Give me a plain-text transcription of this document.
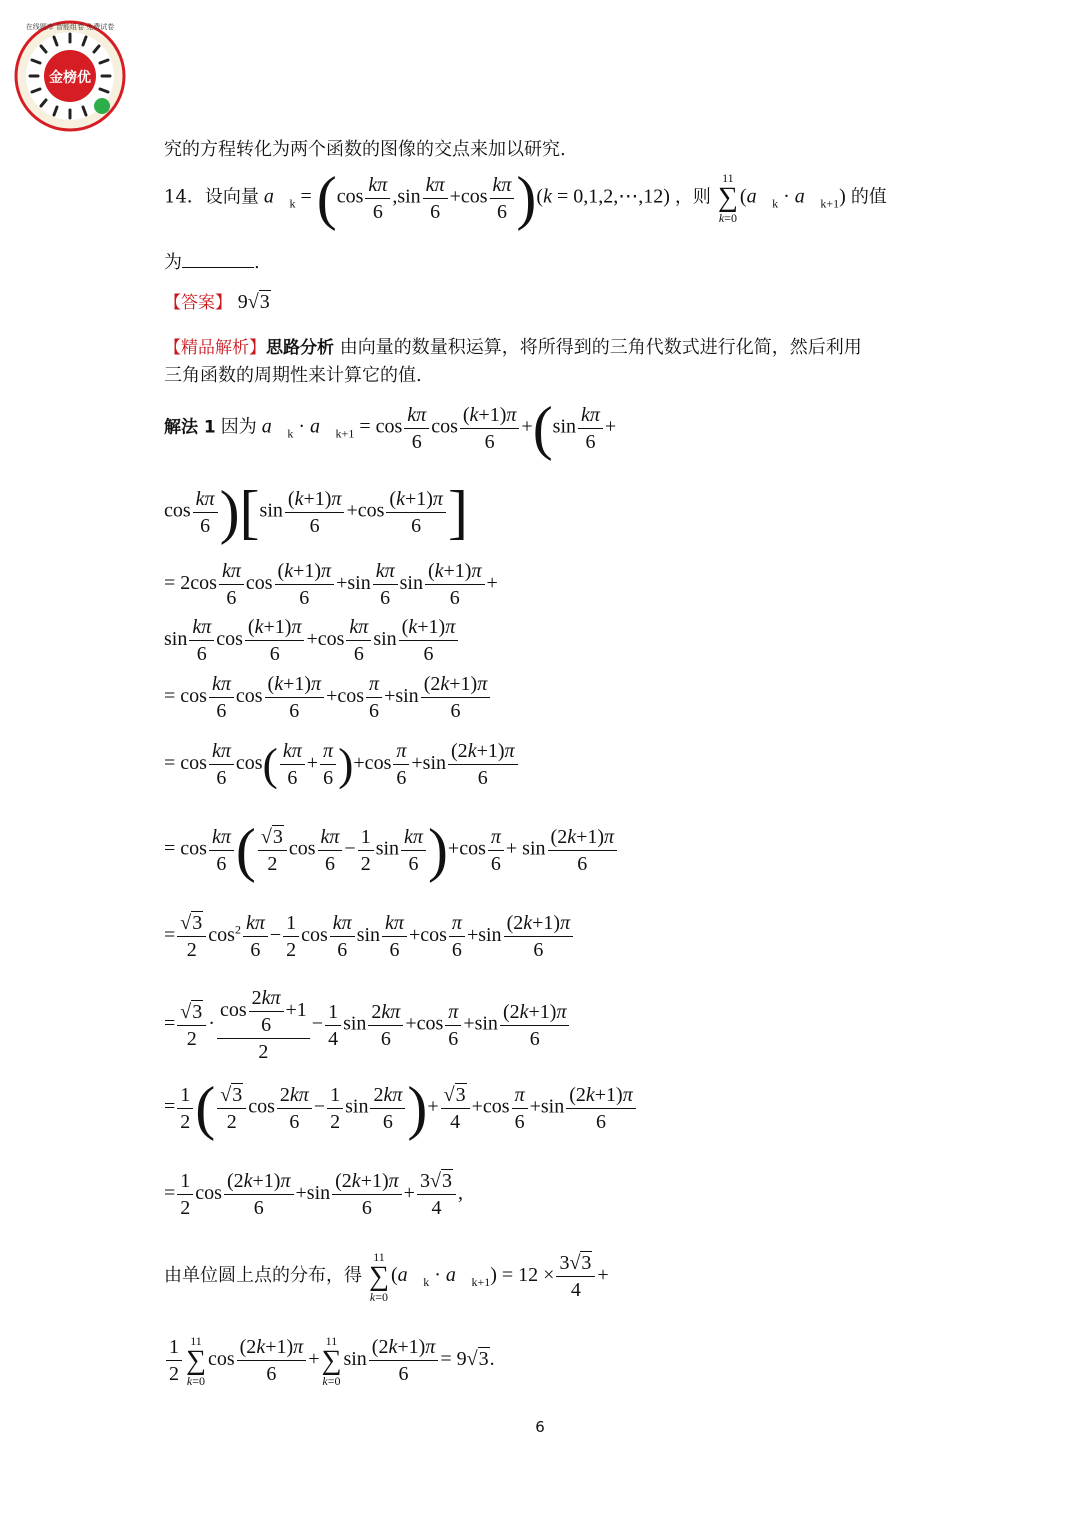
金榜优
在线题库 智能组卷 免费试卷
究的方程转化为两个函数的图像的交点来加以研究.
14．设向量 $a⃗_k = (\cos \frac{k\pi}{6} ,\sin \frac{k\pi}{6} +\cos \frac{k\pi}{6} )(k$ = 0,1,2,⋯,12) ，则 11
∑
$k=0(a⃗_k$ · $a⃗_{k+1}$) 的值
为	.
【答案】 9√3
【精品解析】思路分析 由向量的数量积运算，将所得到的三角代数式进行化简，然后利用
三角函数的周期性来计算它的值.
解法 1 因为 $a⃗_k$ · $a⃗_{k+1} = \cos \frac{k\pi}{6}$ $\cos \frac{(k+1)\pi}{6} +(\sin \frac{k\pi}{6}$ +
$\cos \frac{k\pi}{6} )[\sin \frac{(k+1)\pi}{6} +\cos \frac{(k+1)\pi}{6}$ ]
= $2\cos \frac{k\pi}{6}$ $\cos \frac{(k+1)\pi}{6} +\sin \frac{k\pi}{6}$ $\sin \frac{(k+1)\pi}{6}$ +
$\sin \frac{k\pi}{6}$ $\cos \frac{(k+1)\pi}{6} +\cos \frac{k\pi}{6}$ $\sin \frac{(k+1)\pi}{6}$
= $\cos \frac{k\pi}{6}$ $\cos \frac{(k+1)\pi}{6} +\cos \frac{\pi}{6} +\sin \frac{(2k+1)\pi}{6}$
= $\cos \frac{k\pi}{6} \cos( \frac{k\pi}{6} + \frac{\pi}{6} )+\cos \frac{\pi}{6} +\sin \frac{(2k+1)\pi}{6}$
= $\cos \frac{k\pi}{6}$ ( $\frac{√3}{2}$ $\cos \frac{k\pi}{6} - \frac{1}{2}$ $\sin \frac{k\pi}{6} )+\cos \frac{\pi}{6} + \sin \frac{(2k+1)\pi}{6}$
= $\frac{√3}{2} \cos^2 \frac{k\pi}{6} - \frac{1}{2}$ $\cos \frac{k\pi}{6}$ $\sin \frac{k\pi}{6} +\cos \frac{\pi}{6} +\sin \frac{(2k+1)\pi}{6}$
= $\frac{√3}{2} \cdot \frac{\cos \frac{2k\pi}{6} +1}{2} - \frac{1}{4}$ $\sin \frac{2k\pi}{6} +\cos \frac{\pi}{6} +\sin \frac{(2k+1)\pi}{6}$
= $\frac{1}{2}$ ( $\frac{√3}{2}$ $\cos \frac{2k\pi}{6} - \frac{1}{2}$ $\sin \frac{2k\pi}{6}$ )+ $\frac{√3}{4} +\cos \frac{\pi}{6} +\sin \frac{(2k+1)\pi}{6}$
= $\frac{1}{2}$ $\cos \frac{(2k+1)\pi}{6} +\sin \frac{(2k+1)\pi}{6} + \frac{3√3}{4}$ ,
由单位圆上点的分布，得 11
∑
$k=0(a⃗_k$ · $a⃗_{k+1}) = 12 \times \frac{3√3}{4}$ +
$\frac{1}{2} 11$
∑
$k=0\cos \frac{(2k+1)\pi}{6} +11$
∑
$k=0\sin \frac{(2k+1)\pi}{6} = 9√3$.
6
